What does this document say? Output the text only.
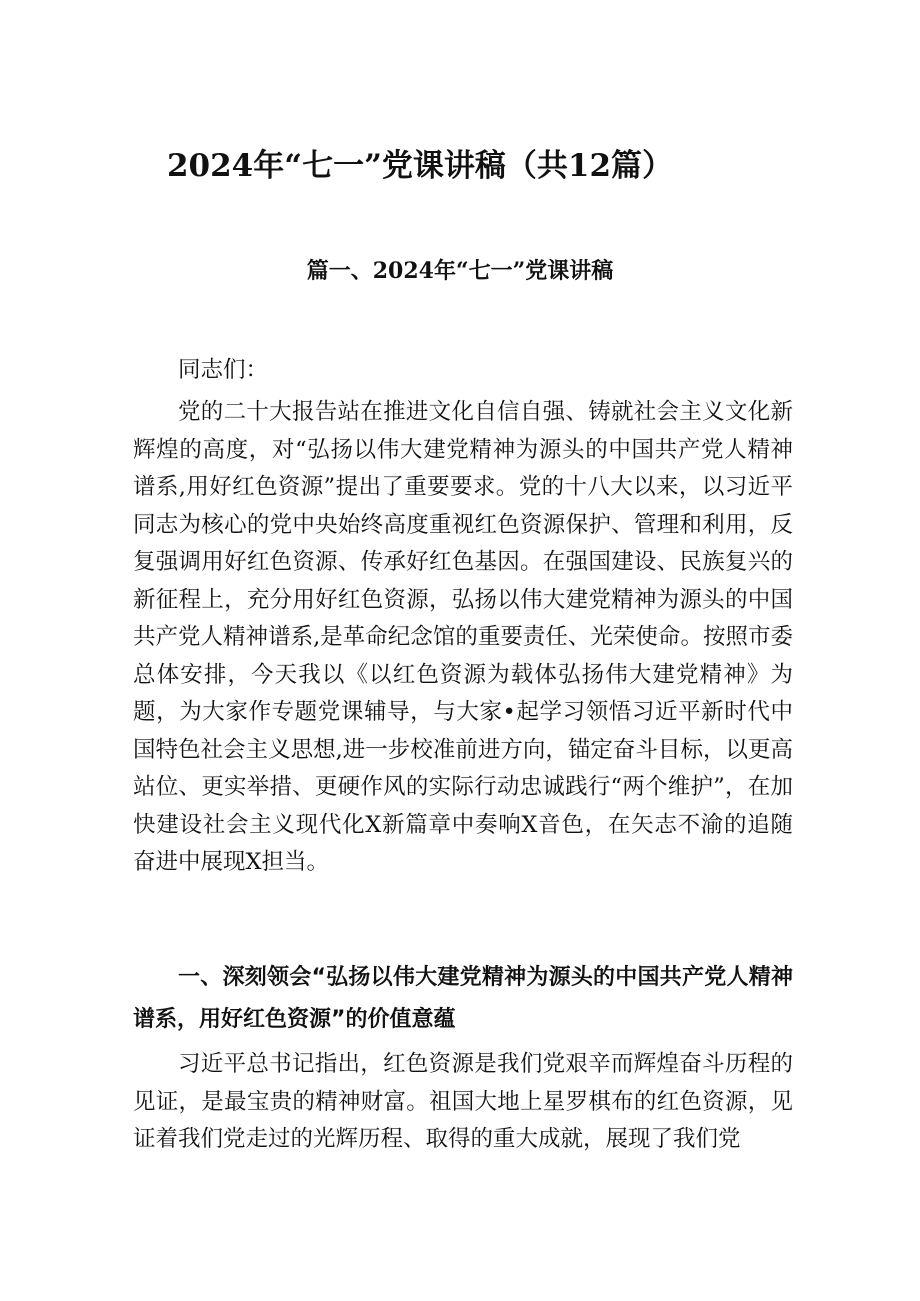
2024年“七一”党课讲稿（共12篇）
篇一、2024年“七一”党课讲稿

同志们：

党的二十大报告站在推进文化自信自强、铸就社会主义文化新辉煌的高度，对“弘扬以伟大建党精神为源头的中国共产党人精神谱系,用好红色资源”提出了重要要求。党的十八大以来，以习近平同志为核心的党中央始终高度重视红色资源保护、管理和利用，反复强调用好红色资源、传承好红色基因。在强国建设、民族复兴的新征程上，充分用好红色资源，弘扬以伟大建党精神为源头的中国共产党人精神谱系,是革命纪念馆的重要责任、光荣使命。按照市委总体安排，今天我以《以红色资源为载体弘扬伟大建党精神》为题，为大家作专题党课辅导，与大家•起学习领悟习近平新时代中国特色社会主义思想,进一步校准前进方向，锚定奋斗目标，以更高站位、更实举措、更硬作风的实际行动忠诚践行“两个维护”，在加快建设社会主义现代化X新篇章中奏响X音色，在矢志不渝的追随奋进中展现X担当。

一、深刻领会“弘扬以伟大建党精神为源头的中国共产党人精神谱系，用好红色资源”的价值意蕴

习近平总书记指出，红色资源是我们党艰辛而辉煌奋斗历程的见证，是最宝贵的精神财富。祖国大地上星罗棋布的红色资源，见证着我们党走过的光辉历程、取得的重大成就，展现了我们党
